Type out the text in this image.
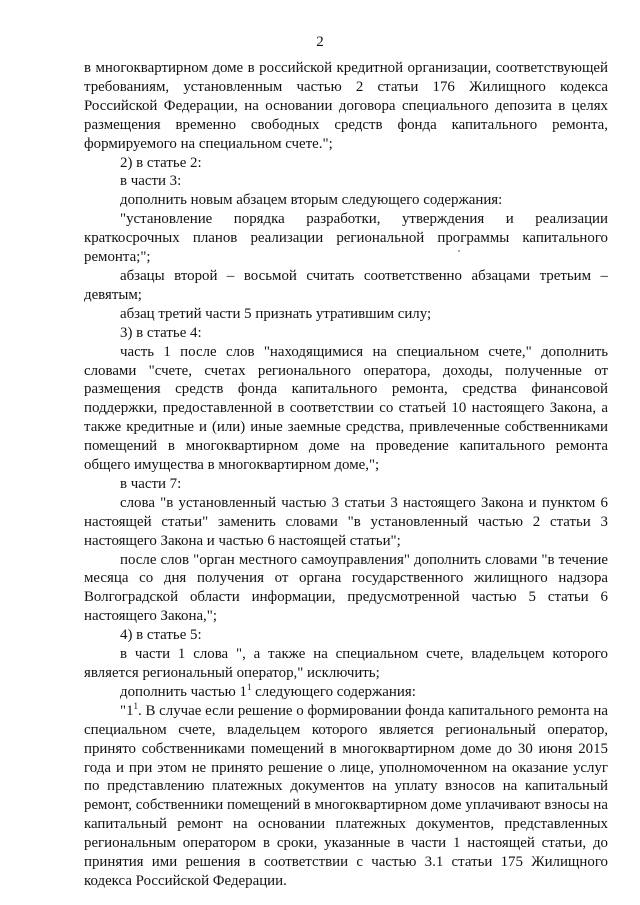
2

в многоквартирном доме в российской кредитной организации, соответствующей требованиям, установленным частью 2 статьи 176 Жилищного кодекса Российской Федерации, на основании договора специального депозита в целях размещения временно свободных средств фонда капитального ремонта, формируемого на специальном счете.";

2) в статье 2:

в части 3:

дополнить новым абзацем вторым следующего содержания:

"установление порядка разработки, утверждения и реализации краткосрочных планов реализации региональной программы капитального ремонта;";

абзацы второй – восьмой считать соответственно абзацами третьим – девятым;

абзац третий части 5 признать утратившим силу;

3) в статье 4:

часть 1 после слов "находящимися на специальном счете," дополнить словами "счете, счетах регионального оператора, доходы, полученные от размещения средств фонда капитального ремонта, средства финансовой поддержки, предоставленной в соответствии со статьей 10 настоящего Закона, а также кредитные и (или) иные заемные средства, привлеченные собственниками помещений в многоквартирном доме на проведение капитального ремонта общего имущества в многоквартирном доме,";

в части 7:

слова "в установленный частью 3 статьи 3 настоящего Закона и пунктом 6 настоящей статьи" заменить словами "в установленный частью 2 статьи 3 настоящего Закона и частью 6 настоящей статьи";

после слов "орган местного самоуправления" дополнить словами "в течение месяца со дня получения от органа государственного жилищного надзора Волгоградской области информации, предусмотренной частью 5 статьи 6 настоящего Закона,";

4) в статье 5:

в части 1 слова ", а также на специальном счете, владельцем которого является региональный оператор," исключить;

дополнить частью $1^1$ следующего содержания:

"$1^1$. В случае если решение о формировании фонда капитального ремонта на специальном счете, владельцем которого является региональный оператор, принято собственниками помещений в многоквартирном доме до 30 июня 2015 года и при этом не принято решение о лице, уполномоченном на оказание услуг по представлению платежных документов на уплату взносов на капитальный ремонт, собственники помещений в многоквартирном доме уплачивают взносы на капитальный ремонт на основании платежных документов, представленных региональным оператором в сроки, указанные в части 1 настоящей статьи, до принятия ими решения в соответствии с частью 3.1 статьи 175 Жилищного кодекса Российской Федерации.
